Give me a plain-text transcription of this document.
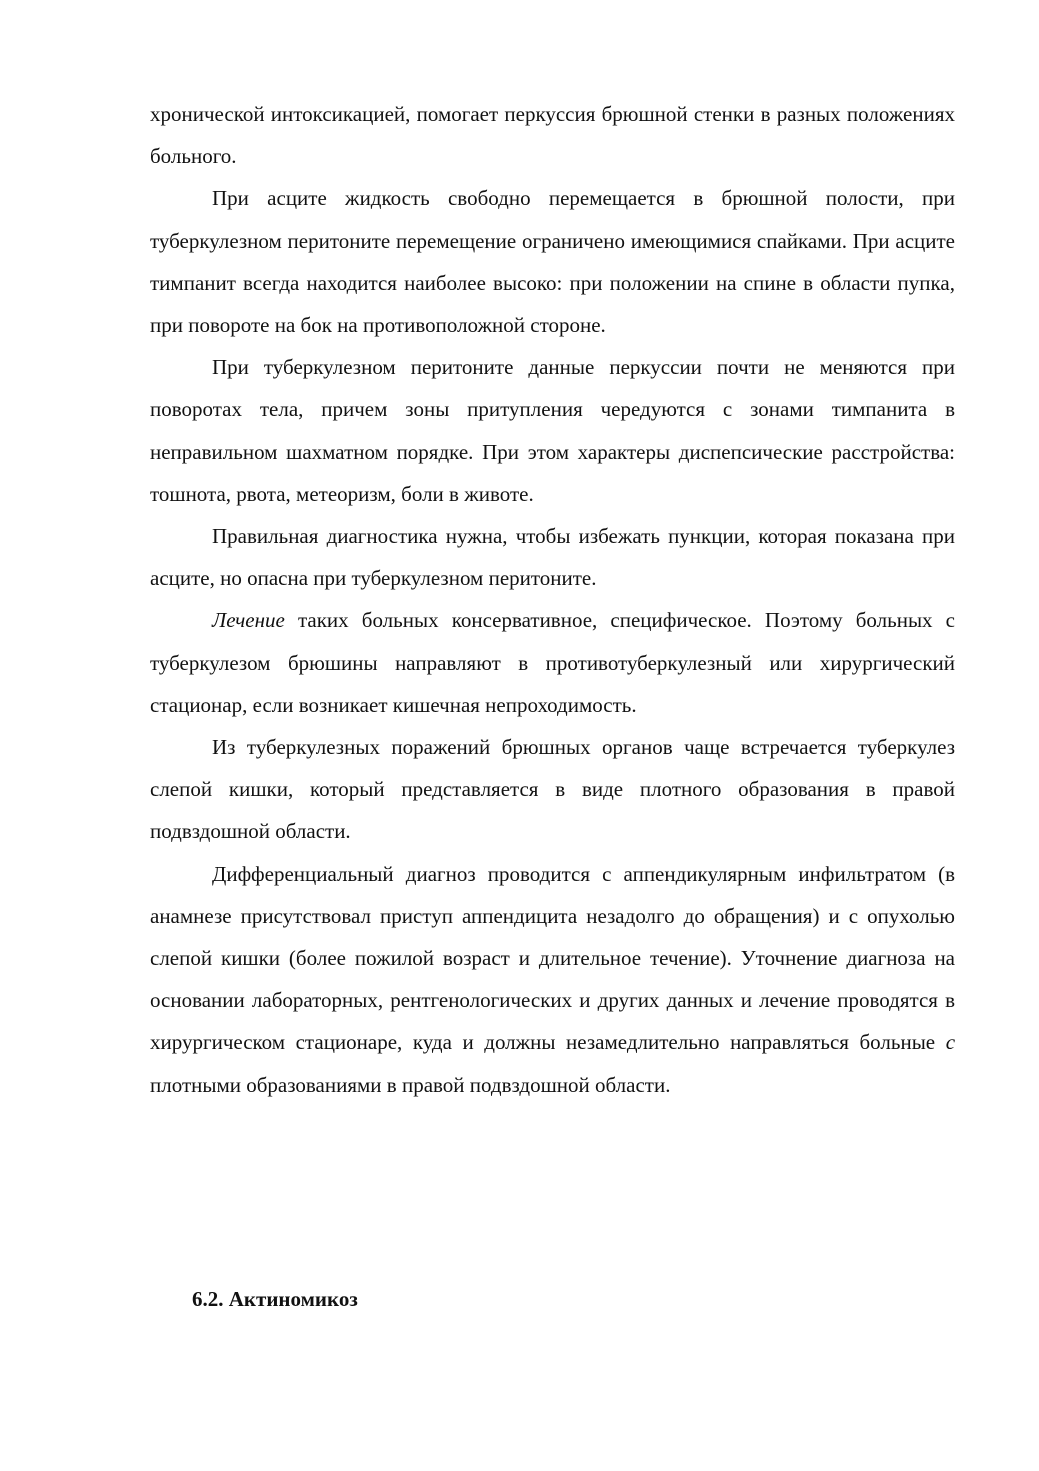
хронической интоксикацией, помогает перкуссия брюшной стенки в разных положениях больного.

При асците жидкость свободно перемещается в брюшной полости, при туберкулезном перитоните перемещение ограничено имеющимися спайками. При асците тимпанит всегда находится наиболее высоко: при положении на спине в области пупка, при повороте на бок на противоположной стороне.

При туберкулезном перитоните данные перкуссии почти не меняются при поворотах тела, причем зоны притупления чередуются с зонами тимпанита в неправильном шахматном порядке. При этом характеры диспепсические расстройства: тошнота, рвота, метеоризм, боли в животе.

Правильная диагностика нужна, чтобы избежать пункции, которая показана при асците, но опасна при туберкулезном перитоните.

Лечение таких больных консервативное, специфическое. Поэтому больных с туберкулезом брюшины направляют в противотуберкулезный или хирургический стационар, если возникает кишечная непроходимость.

Из туберкулезных поражений брюшных органов чаще встречается туберкулез слепой кишки, который представляется в виде плотного образования в правой подвздошной области.

Дифференциальный диагноз проводится с аппендикулярным инфильтратом (в анамнезе присутствовал приступ аппендицита незадолго до обращения) и с опухолью слепой кишки (более пожилой возраст и длительное течение). Уточнение диагноза на основании лабораторных, рентгенологических и других данных и лечение проводятся в хирургическом стационаре, куда и должны незамедлительно направляться больные с плотными образованиями в правой подвздошной области.

6.2. Актиномикоз
